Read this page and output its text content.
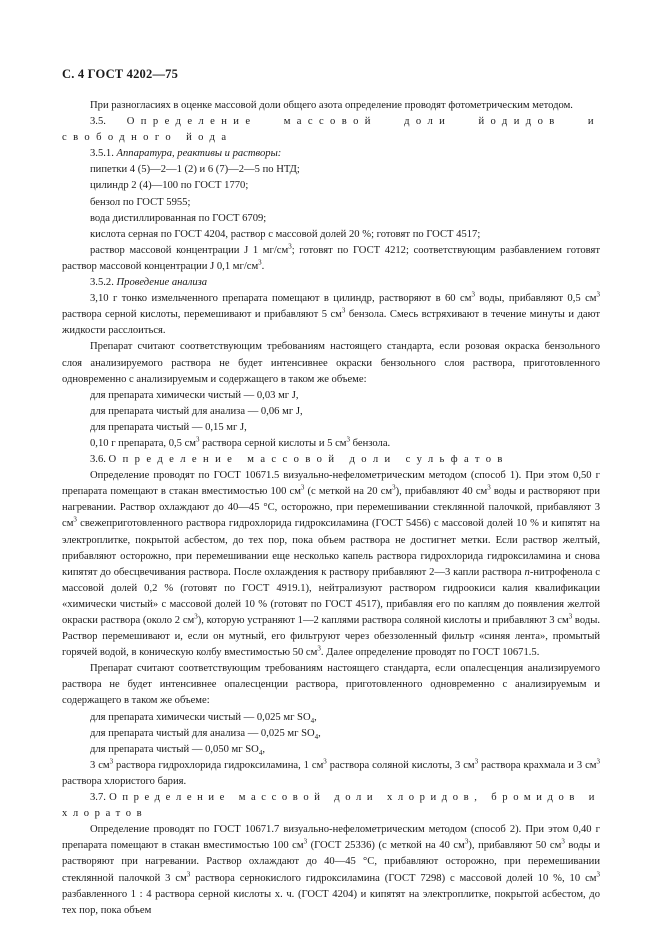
С. 4 ГОСТ 4202—75

При разногласиях в оценке массовой доли общего азота определение проводят фотометрическим методом.

3.5. Определение массовой доли йодидов и свободного йода

3.5.1. Аппаратура, реактивы и растворы:

пипетки 4 (5)—2—1 (2) и 6 (7)—2—5 по НТД;

цилиндр 2 (4)—100 по ГОСТ 1770;

бензол по ГОСТ 5955;

вода дистиллированная по ГОСТ 6709;

кислота серная по ГОСТ 4204, раствор с массовой долей 20 %; готовят по ГОСТ 4517;

раствор массовой концентрации J 1 $мг/см^3$; готовят по ГОСТ 4212; соответствующим разбавлением готовят раствор массовой концентрации J 0,1 $мг/см^3$.

3.5.2. Проведение анализа

3,10 г тонко измельченного препарата помещают в цилиндр, растворяют в 60 $см^3$ воды, прибавляют 0,5 $см^3$ раствора серной кислоты, перемешивают и прибавляют 5 $см^3$ бензола. Смесь встряхивают в течение минуты и дают жидкости расслоиться.

Препарат считают соответствующим требованиям настоящего стандарта, если розовая окраска бензольного слоя анализируемого раствора не будет интенсивнее окраски бензольного слоя раствора, приготовленного одновременно с анализируемым и содержащего в таком же объеме:

для препарата химически чистый — 0,03 мг J,

для препарата чистый для анализа — 0,06 мг J,

для препарата чистый — 0,15 мг J,

0,10 г препарата, 0,5 $см^3$ раствора серной кислоты и 5 $см^3$ бензола.

3.6. Определение массовой доли сульфатов

Определение проводят по ГОСТ 10671.5 визуально-нефелометрическим методом (способ 1). При этом 0,50 г препарата помещают в стакан вместимостью 100 $см^3$ (с меткой на 20 $см^3$), прибавляют 40 $см^3$ воды и растворяют при нагревании. Раствор охлаждают до 40—45 °С, осторожно, при перемешивании стеклянной палочкой, прибавляют 3 $см^3$ свежеприготовленного раствора гидрохлорида гидроксиламина (ГОСТ 5456) с массовой долей 10 % и кипятят на электроплитке, покрытой асбестом, до тех пор, пока объем раствора не достигнет метки. Если раствор желтый, прибавляют осторожно, при перемешивании еще несколько капель раствора гидрохлорида гидроксиламина и снова кипятят до обесцвечивания раствора. После охлаждения к раствору прибавляют 2—3 капли раствора n-нитрофенола с массовой долей 0,2 % (готовят по ГОСТ 4919.1), нейтрализуют раствором гидроокиси калия квалификации «химически чистый» с массовой долей 10 % (готовят по ГОСТ 4517), прибавляя его по каплям до появления желтой окраски раствора (около 2 $см^3$), которую устраняют 1—2 каплями раствора соляной кислоты и прибавляют 3 $см^3$ воды. Раствор перемешивают и, если он мутный, его фильтруют через обеззоленный фильтр «синяя лента», промытый горячей водой, в коническую колбу вместимостью 50 $см^3$. Далее определение проводят по ГОСТ 10671.5.

Препарат считают соответствующим требованиям настоящего стандарта, если опалесценция анализируемого раствора не будет интенсивнее опалесценции раствора, приготовленного одновременно с анализируемым и содержащего в таком же объеме:

для препарата химически чистый — 0,025 мг $SO_4$,

для препарата чистый для анализа — 0,025 мг $SO_4$,

для препарата чистый — 0,050 мг $SO_4$,

3 $см^3$ раствора гидрохлорида гидроксиламина, 1 $см^3$ раствора соляной кислоты, 3 $см^3$ раствора крахмала и 3 $см^3$ раствора хлористого бария.

3.7. Определение массовой доли хлоридов, бромидов и хлоратов

Определение проводят по ГОСТ 10671.7 визуально-нефелометрическим методом (способ 2). При этом 0,40 г препарата помещают в стакан вместимостью 100 $см^3$ (ГОСТ 25336) (с меткой на 40 $см^3$), прибавляют 50 $см^3$ воды и растворяют при нагревании. Раствор охлаждают до 40—45 °С, прибавляют осторожно, при перемешивании стеклянной палочкой 3 $см^3$ раствора сернокислого гидроксиламина (ГОСТ 7298) с массовой долей 10 %, 10 $см^3$ разбавленного 1 : 4 раствора серной кислоты х. ч. (ГОСТ 4204) и кипятят на электроплитке, покрытой асбестом, до тех пор, пока объем
